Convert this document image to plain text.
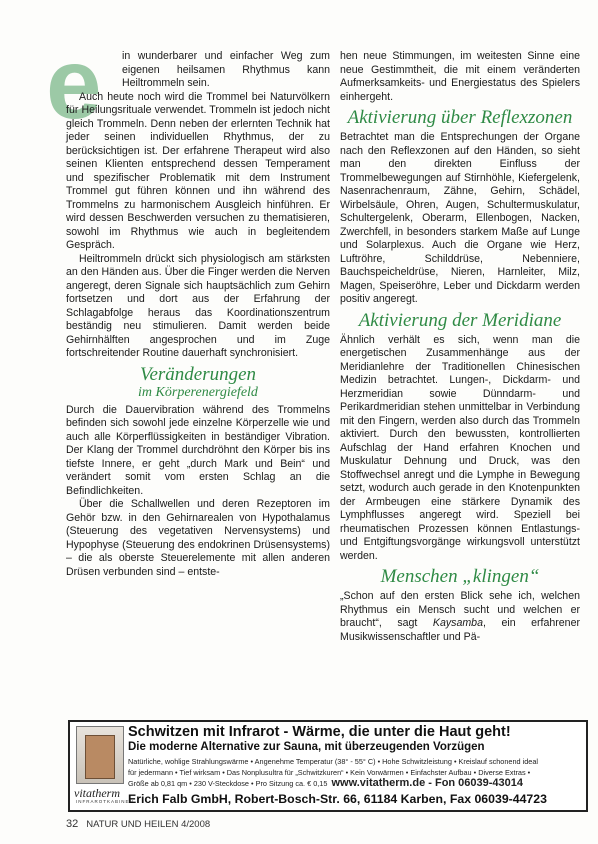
e	in wunderbarer und einfacher Weg zum eigenen heilsamen Rhythmus kann Heiltrommeln sein.

Auch heute noch wird die Trommel bei Naturvölkern für Heilungsrituale verwendet. Trommeln ist jedoch nicht gleich Trommeln. Denn neben der erlernten Technik hat jeder seinen individuellen Rhythmus, der zu berücksichtigen ist. Der erfahrene Therapeut wird also seinen Klienten entsprechend dessen Temperament und spezifischer Problematik mit dem Instrument Trommel gut führen können und ihn während des Trommelns zu harmonischem Ausgleich hinführen. Er wird dessen Beschwerden versuchen zu thematisieren, sowohl im Rhythmus wie auch in begleitendem Gespräch.

Heiltrommeln drückt sich physiologisch am stärksten an den Händen aus. Über die Finger werden die Nerven angeregt, deren Signale sich hauptsächlich zum Gehirn fortsetzen und dort aus der Erfahrung der Schlagabfolge heraus das Koordinationszentrum beständig neu stimulieren. Damit werden beide Gehirnhälften angesprochen und im Zuge fortschreitender Routine dauerhaft synchronisiert.

Veränderungen
im Körperenergiefeld

Durch die Dauervibration während des Trommelns befinden sich sowohl jede einzelne Körperzelle wie und auch alle Körperflüssigkeiten in beständiger Vibration. Der Klang der Trommel durchdröhnt den Körper bis ins tiefste Innere, er geht „durch Mark und Bein“ und verändert somit vom ersten Schlag an die Befindlichkeiten.

Über die Schallwellen und deren Rezeptoren im Gehör bzw. in den Gehirnarealen von Hypothalamus (Steuerung des vegetativen Nervensystems) und Hypophyse (Steuerung des endokrinen Drüsensystems) – die als oberste Steuerelemente mit allen anderen Drüsen verbunden sind – entste-

hen neue Stimmungen, im weitesten Sinne eine neue Gestimmtheit, die mit einem veränderten Aufmerksamkeits- und Energiestatus des Spielers einhergeht.

Aktivierung über Reflexzonen

Betrachtet man die Entsprechungen der Organe nach den Reflexzonen auf den Händen, so sieht man den direkten Einfluss der Trommelbewegungen auf Stirnhöhle, Kiefergelenk, Nasenrachenraum, Zähne, Gehirn, Schädel, Wirbelsäule, Ohren, Augen, Schultermuskulatur, Schultergelenk, Oberarm, Ellenbogen, Nacken, Zwerchfell, in besonders starkem Maße auf Lunge und Solarplexus. Auch die Organe wie Herz, Luftröhre, Schilddrüse, Nebenniere, Bauchspeicheldrüse, Nieren, Harnleiter, Milz, Magen, Speiseröhre, Leber und Dickdarm werden positiv angeregt.

Aktivierung der Meridiane

Ähnlich verhält es sich, wenn man die energetischen Zusammenhänge aus der Meridianlehre der Traditionellen Chinesischen Medizin betrachtet. Lungen-, Dickdarm- und Herzmeridian sowie Dünndarm- und Perikardmeridian stehen unmittelbar in Verbindung mit den Fingern, werden also durch das Trommeln aktiviert. Durch den bewussten, kontrollierten Aufschlag der Hand erfahren Knochen und Muskulatur Dehnung und Druck, was den Stoffwechsel anregt und die Lymphe in Bewegung setzt, wodurch auch gerade in den Knotenpunkten der Armbeugen eine stärkere Dynamik des Lymphflusses angeregt wird. Speziell bei rheumatischen Prozessen können Entlastungs- und Entgiftungsvorgänge wirkungsvoll unterstützt werden.

Menschen „klingen“

„Schon auf den ersten Blick sehe ich, welchen Rhythmus ein Mensch sucht und welchen er braucht“, sagt Kaysamba, ein erfahrener Musikwissenschaftler und Pä-

vitatherm
INFRAROTKABINEN
Schwitzen mit Infrarot - Wärme, die unter die Haut geht!
Die moderne Alternative zur Sauna, mit überzeugenden Vorzügen
Natürliche, wohlige Strahlungswärme • Angenehme Temperatur (38° - 55° C) • Hohe Schwitzleistung • Kreislauf schonend ideal
für jedermann • Tief wirksam • Das Nonplusultra für „Schwitzkuren“ • Kein Vorwärmen • Einfachster Aufbau • Diverse Extras •
Größe ab 0,81 qm • 230 V-Steckdose • Pro Sitzung ca. € 0,15 www.vitatherm.de - Fon 06039-43014
Erich Falb GmbH, Robert-Bosch-Str. 66, 61184 Karben, Fax 06039-44723
32 NATUR UND HEILEN 4/2008
